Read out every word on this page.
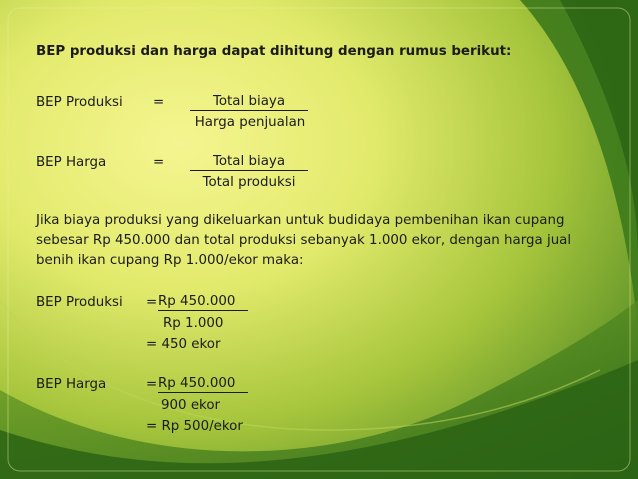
BEP produksi dan harga dapat dihitung dengan rumus berikut:
BEP Produksi =	Total biaya
Harga penjualan
BEP Harga	=	Total biaya
Total produksi
Jika biaya produksi yang dikeluarkan untuk budidaya pembenihan ikan cupang sebesar Rp 450.000 dan total produksi sebanyak 1.000 ekor, dengan harga jual benih ikan cupang Rp 1.000/ekor maka:
BEP Produksi = Rp 450.000
Rp 1.000
= 450 ekor
BEP Harga	= Rp 450.000
900 ekor
= Rp 500/ekor
